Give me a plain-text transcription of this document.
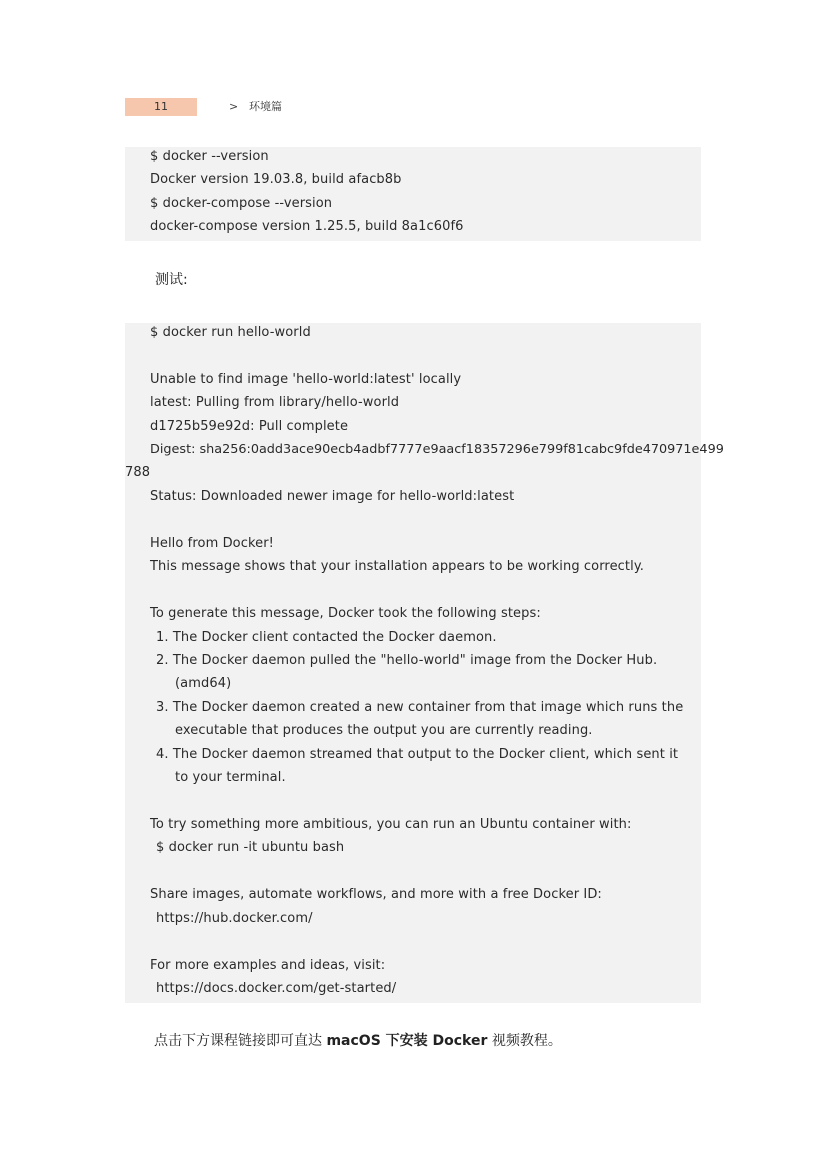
11	> 环境篇
$ docker --version
Docker version 19.03.8, build afacb8b
$ docker-compose --version
docker-compose version 1.25.5, build 8a1c60f6
测试:
$ docker run hello-world
Unable to find image 'hello-world:latest' locally
latest: Pulling from library/hello-world
d1725b59e92d: Pull complete
Digest: sha256:0add3ace90ecb4adbf7777e9aacf18357296e799f81cabc9fde470971e499
788
Status: Downloaded newer image for hello-world:latest
Hello from Docker!
This message shows that your installation appears to be working correctly.
To generate this message, Docker took the following steps:
1. The Docker client contacted the Docker daemon.
2. The Docker daemon pulled the "hello-world" image from the Docker Hub.
(amd64)
3. The Docker daemon created a new container from that image which runs the
executable that produces the output you are currently reading.
4. The Docker daemon streamed that output to the Docker client, which sent it
to your terminal.
To try something more ambitious, you can run an Ubuntu container with:
$ docker run -it ubuntu bash
Share images, automate workflows, and more with a free Docker ID:
https://hub.docker.com/
For more examples and ideas, visit:
https://docs.docker.com/get-started/
点击下方课程链接即可直达 macOS 下安装 Docker 视频教程。
